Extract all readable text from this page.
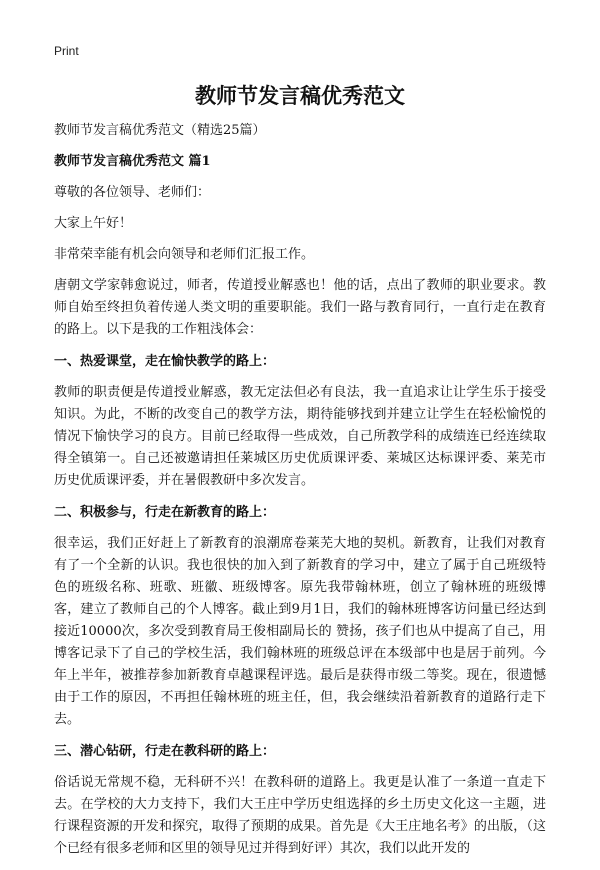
Print
教师节发言稿优秀范文

教师节发言稿优秀范文（精选25篇）

教师节发言稿优秀范文 篇1

尊敬的各位领导、老师们：

大家上午好！

非常荣幸能有机会向领导和老师们汇报工作。

唐朝文学家韩愈说过，师者，传道授业解惑也！他的话，点出了教师的职业要求。教师自始至终担负着传递人类文明的重要职能。我们一路与教育同行，一直行走在教育的路上。以下是我的工作粗浅体会：

一、热爱课堂，走在愉快教学的路上：

教师的职责便是传道授业解惑，教无定法但必有良法，我一直追求让让学生乐于接受知识。为此，不断的改变自己的教学方法，期待能够找到并建立让学生在轻松愉悦的情况下愉快学习的良方。目前已经取得一些成效，自己所教学科的成绩连已经连续取得全镇第一。自己还被邀请担任莱城区历史优质课评委、莱城区达标课评委、莱芜市历史优质课评委，并在暑假教研中多次发言。

二、积极参与，行走在新教育的路上：

很幸运，我们正好赶上了新教育的浪潮席卷莱芜大地的契机。新教育，让我们对教育有了一个全新的认识。我也很快的加入到了新教育的学习中，建立了属于自己班级特色的班级名称、班歌、班徽、班级博客。原先我带翰林班，创立了翰林班的班级博客，建立了教师自己的个人博客。截止到9月1日，我们的翰林班博客访问量已经达到接近10000次，多次受到教育局王俊相副局长的 赞扬，孩子们也从中提高了自己，用博客记录下了自己的学校生活，我们翰林班的班级总评在本级部中也是居于前列。今年上半年，被推荐参加新教育卓越课程评选。最后是获得市级二等奖。现在，很遗憾由于工作的原因，不再担任翰林班的班主任，但，我会继续沿着新教育的道路行走下去。

三、潜心钻研，行走在教科研的路上：

俗话说无常规不稳，无科研不兴！在教科研的道路上。我更是认准了一条道一直走下去。在学校的大力支持下，我们大王庄中学历史组选择的乡土历史文化这一主题，进行课程资源的开发和探究，取得了预期的成果。首先是《大王庄地名考》的出版，（这个已经有很多老师和区里的领导见过并得到好评）其次，我们以此开发的
